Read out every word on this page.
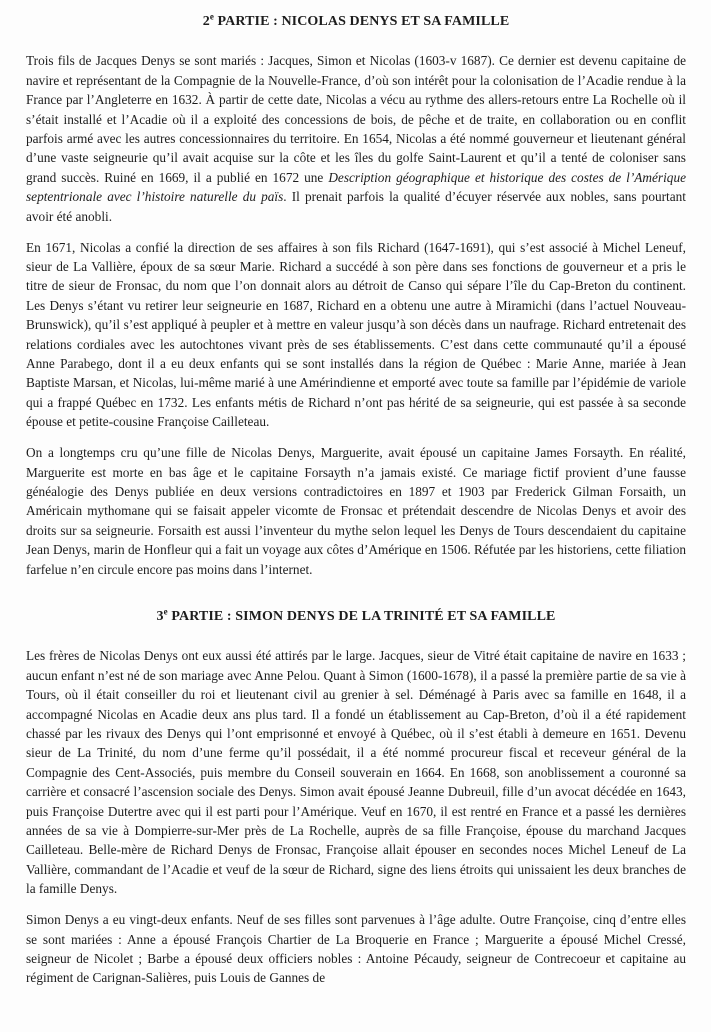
2e PARTIE : NICOLAS DENYS ET SA FAMILLE

Trois fils de Jacques Denys se sont mariés : Jacques, Simon et Nicolas (1603-v 1687). Ce dernier est devenu capitaine de navire et représentant de la Compagnie de la Nouvelle-France, d’où son intérêt pour la colonisation de l’Acadie rendue à la France par l’Angleterre en 1632. À partir de cette date, Nicolas a vécu au rythme des allers-retours entre La Rochelle où il s’était installé et l’Acadie où il a exploité des concessions de bois, de pêche et de traite, en collaboration ou en conflit parfois armé avec les autres concessionnaires du territoire. En 1654, Nicolas a été nommé gouverneur et lieutenant général d’une vaste seigneurie qu’il avait acquise sur la côte et les îles du golfe Saint-Laurent et qu’il a tenté de coloniser sans grand succès. Ruiné en 1669, il a publié en 1672 une Description géographique et historique des costes de l’Amérique septentrionale avec l’histoire naturelle du païs. Il prenait parfois la qualité d’écuyer réservée aux nobles, sans pourtant avoir été anobli.

En 1671, Nicolas a confié la direction de ses affaires à son fils Richard (1647-1691), qui s’est associé à Michel Leneuf, sieur de La Vallière, époux de sa sœur Marie. Richard a succédé à son père dans ses fonctions de gouverneur et a pris le titre de sieur de Fronsac, du nom que l’on donnait alors au détroit de Canso qui sépare l’île du Cap-Breton du continent. Les Denys s’étant vu retirer leur seigneurie en 1687, Richard en a obtenu une autre à Miramichi (dans l’actuel Nouveau-Brunswick), qu’il s’est appliqué à peupler et à mettre en valeur jusqu’à son décès dans un naufrage. Richard entretenait des relations cordiales avec les autochtones vivant près de ses établissements. C’est dans cette communauté qu’il a épousé Anne Parabego, dont il a eu deux enfants qui se sont installés dans la région de Québec : Marie Anne, mariée à Jean Baptiste Marsan, et Nicolas, lui-même marié à une Amérindienne et emporté avec toute sa famille par l’épidémie de variole qui a frappé Québec en 1732. Les enfants métis de Richard n’ont pas hérité de sa seigneurie, qui est passée à sa seconde épouse et petite-cousine Françoise Cailleteau.

On a longtemps cru qu’une fille de Nicolas Denys, Marguerite, avait épousé un capitaine James Forsayth. En réalité, Marguerite est morte en bas âge et le capitaine Forsayth n’a jamais existé. Ce mariage fictif provient d’une fausse généalogie des Denys publiée en deux versions contradictoires en 1897 et 1903 par Frederick Gilman Forsaith, un Américain mythomane qui se faisait appeler vicomte de Fronsac et prétendait descendre de Nicolas Denys et avoir des droits sur sa seigneurie. Forsaith est aussi l’inventeur du mythe selon lequel les Denys de Tours descendaient du capitaine Jean Denys, marin de Honfleur qui a fait un voyage aux côtes d’Amérique en 1506. Réfutée par les historiens, cette filiation farfelue n’en circule encore pas moins dans l’internet.

3e PARTIE : SIMON DENYS DE LA TRINITÉ ET SA FAMILLE

Les frères de Nicolas Denys ont eux aussi été attirés par le large. Jacques, sieur de Vitré était capitaine de navire en 1633 ; aucun enfant n’est né de son mariage avec Anne Pelou. Quant à Simon (1600-1678), il a passé la première partie de sa vie à Tours, où il était conseiller du roi et lieutenant civil au grenier à sel. Déménagé à Paris avec sa famille en 1648, il a accompagné Nicolas en Acadie deux ans plus tard. Il a fondé un établissement au Cap-Breton, d’où il a été rapidement chassé par les rivaux des Denys qui l’ont emprisonné et envoyé à Québec, où il s’est établi à demeure en 1651. Devenu sieur de La Trinité, du nom d’une ferme qu’il possédait, il a été nommé procureur fiscal et receveur général de la Compagnie des Cent-Associés, puis membre du Conseil souverain en 1664. En 1668, son anoblissement a couronné sa carrière et consacré l’ascension sociale des Denys. Simon avait épousé Jeanne Dubreuil, fille d’un avocat décédée en 1643, puis Françoise Dutertre avec qui il est parti pour l’Amérique. Veuf en 1670, il est rentré en France et a passé les dernières années de sa vie à Dompierre-sur-Mer près de La Rochelle, auprès de sa fille Françoise, épouse du marchand Jacques Cailleteau. Belle-mère de Richard Denys de Fronsac, Françoise allait épouser en secondes noces Michel Leneuf de La Vallière, commandant de l’Acadie et veuf de la sœur de Richard, signe des liens étroits qui unissaient les deux branches de la famille Denys.

Simon Denys a eu vingt-deux enfants. Neuf de ses filles sont parvenues à l’âge adulte. Outre Françoise, cinq d’entre elles se sont mariées : Anne a épousé François Chartier de La Broquerie en France ; Marguerite a épousé Michel Cressé, seigneur de Nicolet ; Barbe a épousé deux officiers nobles : Antoine Pécaudy, seigneur de Contrecoeur et capitaine au régiment de Carignan-Salières, puis Louis de Gannes de
